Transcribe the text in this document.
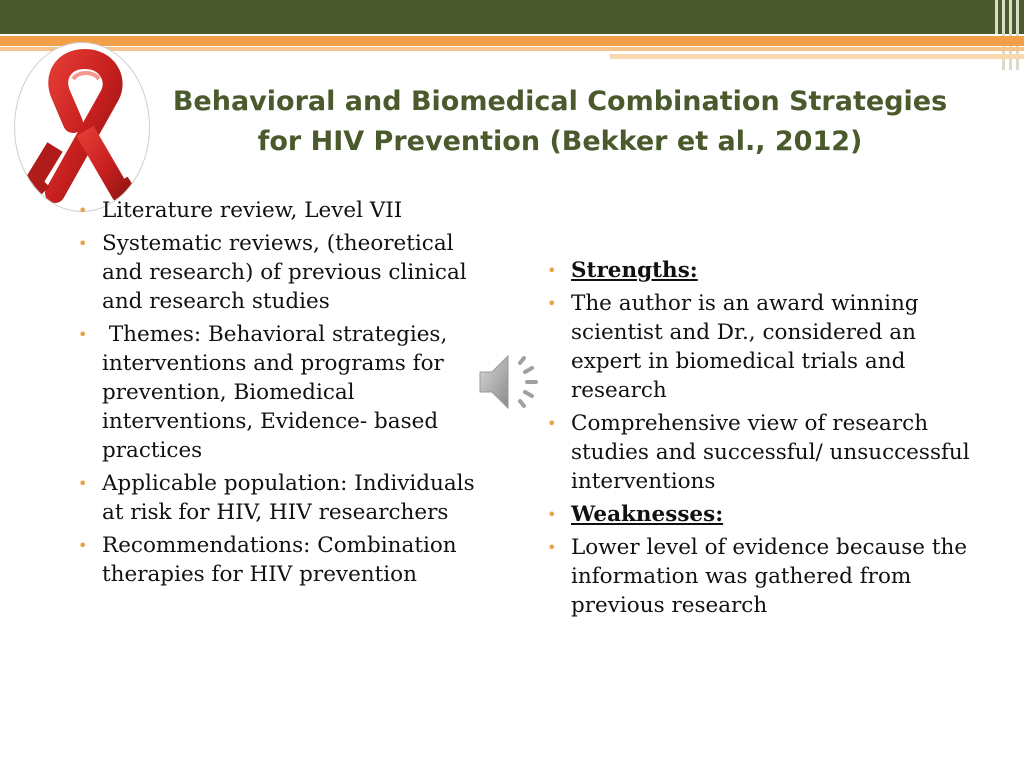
Behavioral and Biomedical Combination Strategies
for HIV Prevention (Bekker et al., 2012)
• Literature review, Level VII
• Systematic reviews, (theoretical and research) of previous clinical and research studies
•  Themes: Behavioral strategies, interventions and programs for prevention, Biomedical interventions, Evidence- based practices
• Applicable population: Individuals at risk for HIV, HIV researchers
• Recommendations: Combination therapies for HIV prevention
• Strengths:
• The author is an award winning scientist and Dr., considered an expert in biomedical trials and research
• Comprehensive view of research studies and successful/ unsuccessful interventions
• Weaknesses:
• Lower level of evidence because the information was gathered from previous research
